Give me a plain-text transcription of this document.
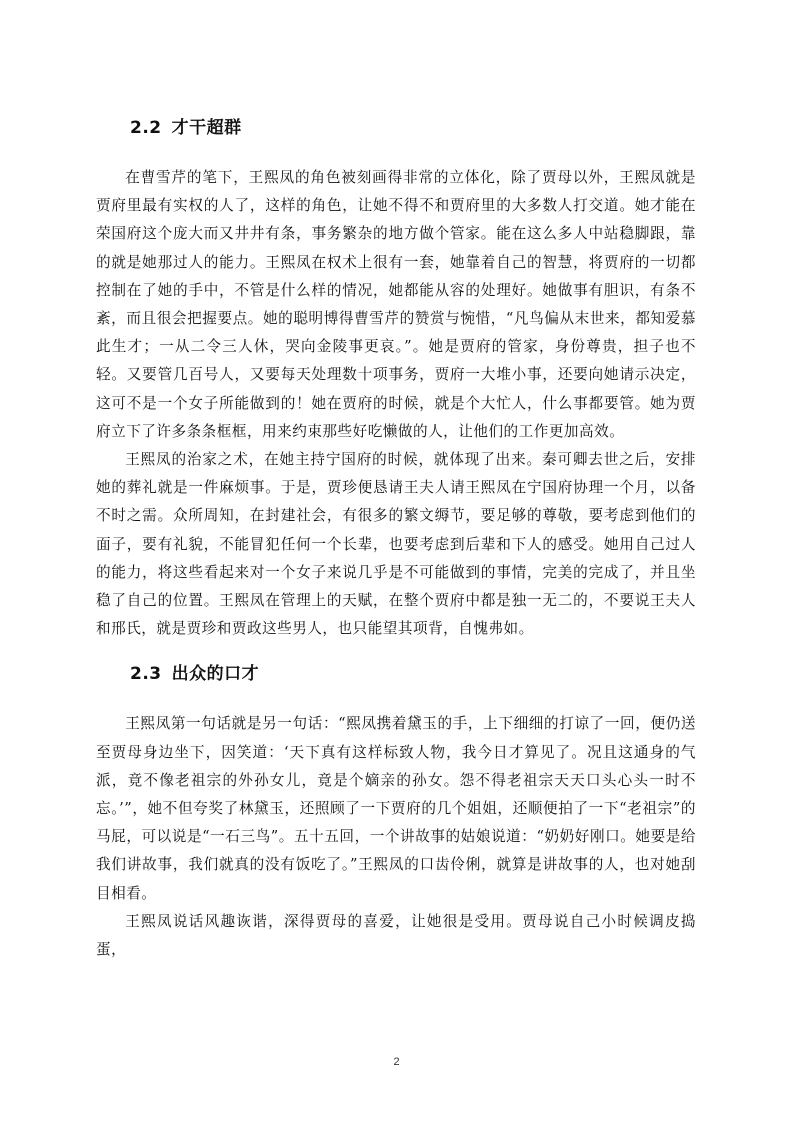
2.2 才干超群

在曹雪芹的笔下，王熙凤的角色被刻画得非常的立体化，除了贾母以外，王熙凤就是贾府里最有实权的人了，这样的角色，让她不得不和贾府里的大多数人打交道。她才能在荣国府这个庞大而又井井有条，事务繁杂的地方做个管家。能在这么多人中站稳脚跟，靠的就是她那过人的能力。王熙凤在权术上很有一套，她靠着自己的智慧，将贾府的一切都控制在了她的手中，不管是什么样的情况，她都能从容的处理好。她做事有胆识，有条不紊，而且很会把握要点。她的聪明博得曹雪芹的赞赏与惋惜，“凡鸟偏从末世来，都知爱慕此生才；一从二令三人休，哭向金陵事更哀。”。她是贾府的管家，身份尊贵，担子也不轻。又要管几百号人，又要每天处理数十项事务，贾府一大堆小事，还要向她请示决定，这可不是一个女子所能做到的！她在贾府的时候，就是个大忙人，什么事都要管。她为贾府立下了许多条条框框，用来约束那些好吃懒做的人，让他们的工作更加高效。

王熙凤的治家之术，在她主持宁国府的时候，就体现了出来。秦可卿去世之后，安排她的葬礼就是一件麻烦事。于是，贾珍便恳请王夫人请王熙凤在宁国府协理一个月，以备不时之需。众所周知，在封建社会，有很多的繁文缛节，要足够的尊敬，要考虑到他们的面子，要有礼貌，不能冒犯任何一个长辈，也要考虑到后辈和下人的感受。她用自己过人的能力，将这些看起来对一个女子来说几乎是不可能做到的事情，完美的完成了，并且坐稳了自己的位置。王熙凤在管理上的天赋，在整个贾府中都是独一无二的，不要说王夫人和邢氏，就是贾珍和贾政这些男人，也只能望其项背，自愧弗如。

2.3 出众的口才

王熙凤第一句话就是另一句话：“熙凤携着黛玉的手，上下细细的打谅了一回，便仍送至贾母身边坐下，因笑道：‘天下真有这样标致人物，我今日才算见了。况且这通身的气派，竟不像老祖宗的外孙女儿，竟是个嫡亲的孙女。怨不得老祖宗天天口头心头一时不忘。’”，她不但夸奖了林黛玉，还照顾了一下贾府的几个姐姐，还顺便拍了一下“老祖宗”的马屁，可以说是“一石三鸟”。五十五回，一个讲故事的姑娘说道：“奶奶好刚口。她要是给我们讲故事，我们就真的没有饭吃了。”王熙凤的口齿伶俐，就算是讲故事的人，也对她刮目相看。

王熙凤说话风趣诙谐，深得贾母的喜爱，让她很是受用。贾母说自己小时候调皮捣蛋，

2
